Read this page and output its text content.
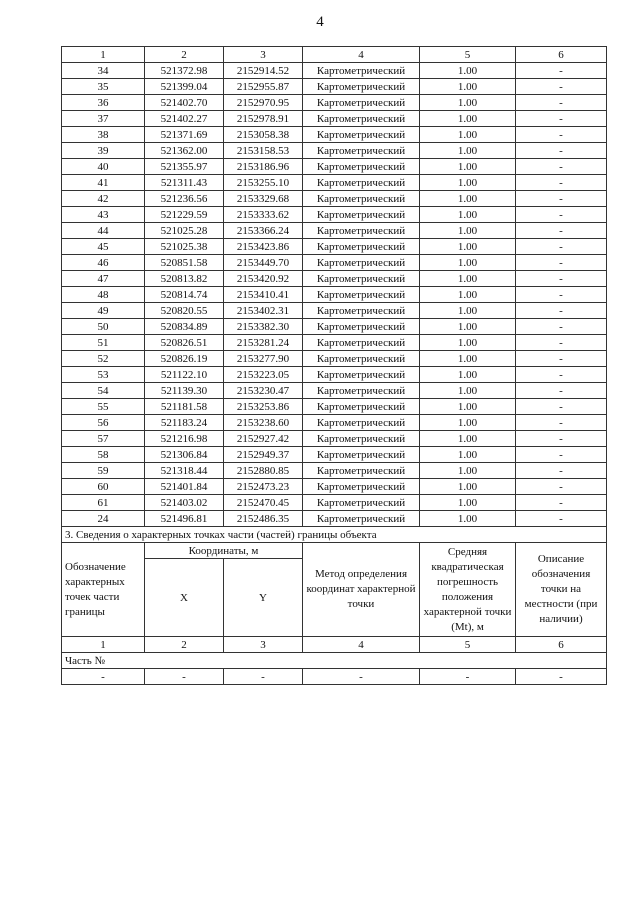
4
1	2	3	4	5	6
34	521372.98	2152914.52	Картометрический	1.00	-
35	521399.04	2152955.87	Картометрический	1.00	-
36	521402.70	2152970.95	Картометрический	1.00	-
37	521402.27	2152978.91	Картометрический	1.00	-
38	521371.69	2153058.38	Картометрический	1.00	-
39	521362.00	2153158.53	Картометрический	1.00	-
40	521355.97	2153186.96	Картометрический	1.00	-
41	521311.43	2153255.10	Картометрический	1.00	-
42	521236.56	2153329.68	Картометрический	1.00	-
43	521229.59	2153333.62	Картометрический	1.00	-
44	521025.28	2153366.24	Картометрический	1.00	-
45	521025.38	2153423.86	Картометрический	1.00	-
46	520851.58	2153449.70	Картометрический	1.00	-
47	520813.82	2153420.92	Картометрический	1.00	-
48	520814.74	2153410.41	Картометрический	1.00	-
49	520820.55	2153402.31	Картометрический	1.00	-
50	520834.89	2153382.30	Картометрический	1.00	-
51	520826.51	2153281.24	Картометрический	1.00	-
52	520826.19	2153277.90	Картометрический	1.00	-
53	521122.10	2153223.05	Картометрический	1.00	-
54	521139.30	2153230.47	Картометрический	1.00	-
55	521181.58	2153253.86	Картометрический	1.00	-
56	521183.24	2153238.60	Картометрический	1.00	-
57	521216.98	2152927.42	Картометрический	1.00	-
58	521306.84	2152949.37	Картометрический	1.00	-
59	521318.44	2152880.85	Картометрический	1.00	-
60	521401.84	2152473.23	Картометрический	1.00	-
61	521403.02	2152470.45	Картометрический	1.00	-
24	521496.81	2152486.35	Картометрический	1.00	-
3. Сведения о характерных точках части (частей) границы объекта					
Обозначение характерных точек части границы	Координаты, м		Метод определения координат характерной точки	Средняя квадратическая погрешность положения характерной точки (Mt), м	Описание обозначения точки на местности (при наличии)
	X	Y			
1	2	3	4	5	6
Часть №					
-	-	-	-	-	-
